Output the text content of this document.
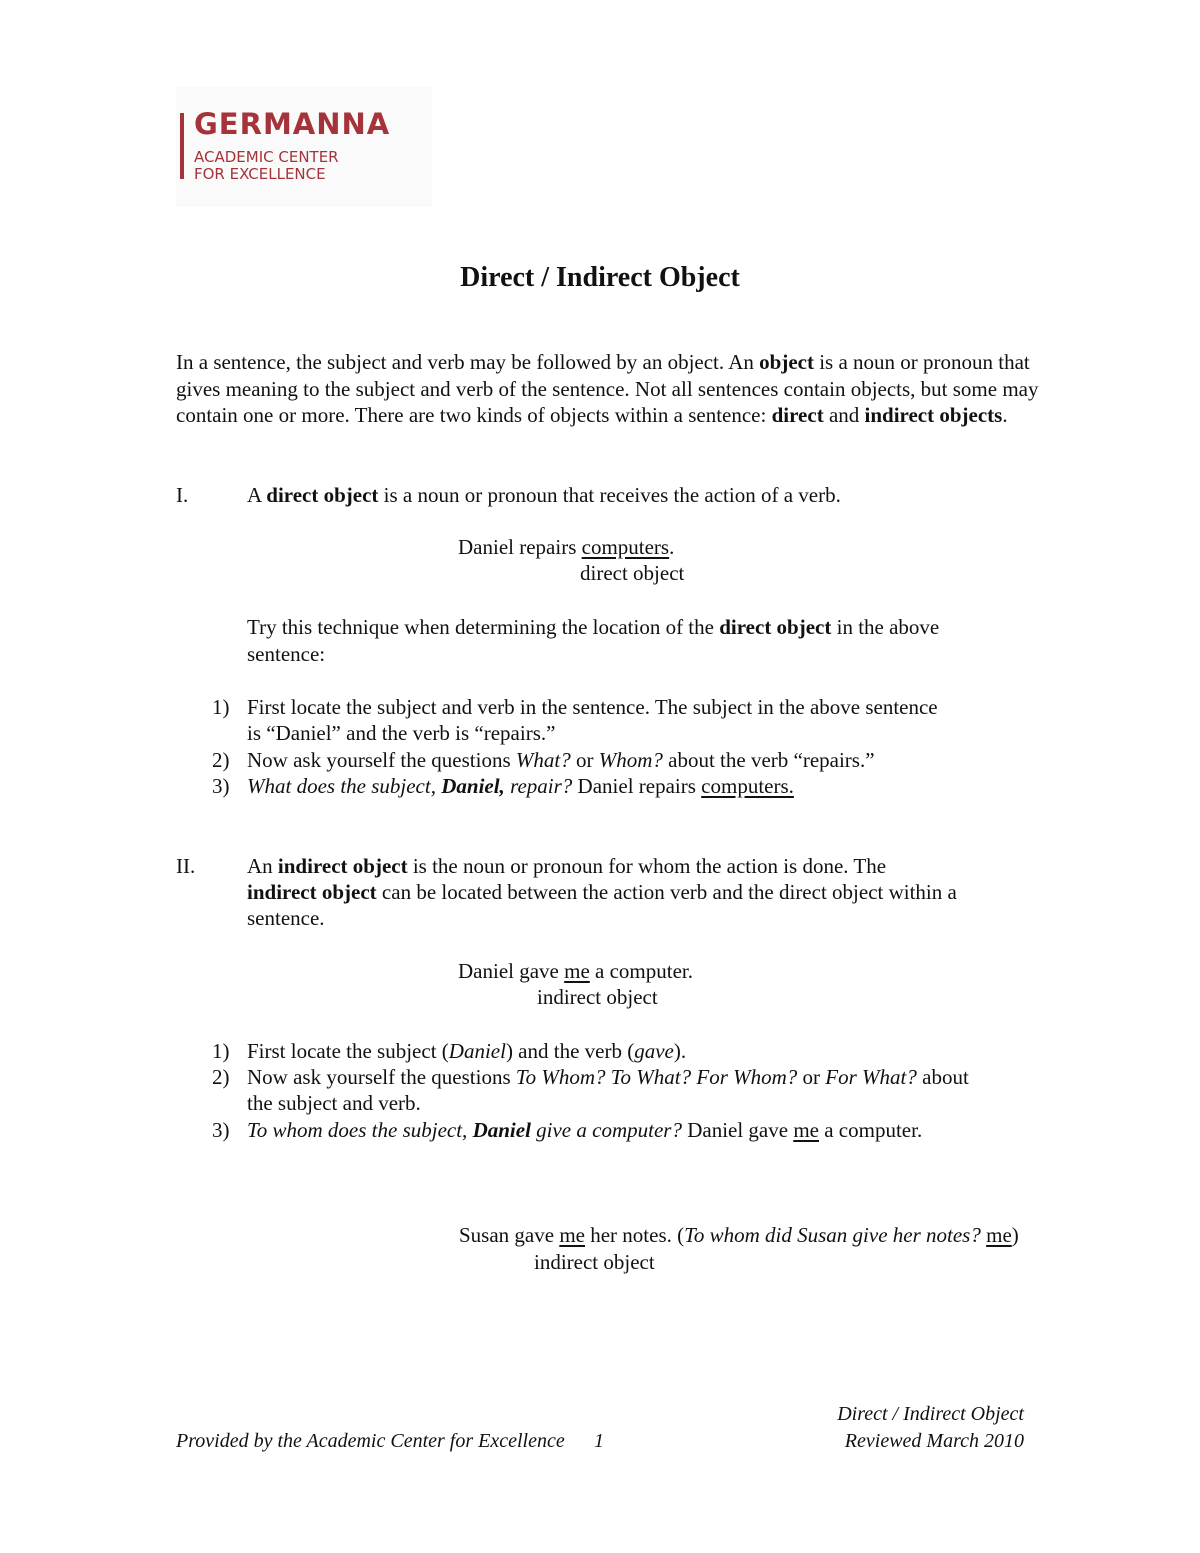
GERMANNA
ACADEMIC CENTER
FOR EXCELLENCE
Direct / Indirect Object
In a sentence, the subject and verb may be followed by an object. An object is a noun or pronoun that gives meaning to the subject and verb of the sentence. Not all sentences contain objects, but some may contain one or more. There are two kinds of objects within a sentence: direct and indirect objects.
I.	A direct object is a noun or pronoun that receives the action of a verb.
Daniel repairs computers.
direct object
Try this technique when determining the location of the direct object in the above
sentence:
1) First locate the subject and verb in the sentence. The subject in the above sentence
is “Daniel” and the verb is “repairs.”
2) Now ask yourself the questions What? or Whom? about the verb “repairs.”
3) What does the subject, Daniel, repair? Daniel repairs computers.
II. An indirect object is the noun or pronoun for whom the action is done. The
indirect object can be located between the action verb and the direct object within a
sentence.
Daniel gave me a computer.
indirect object
1) First locate the subject (Daniel) and the verb (gave).
2) Now ask yourself the questions To Whom? To What? For Whom? or For What? about
the subject and verb.
3) To whom does the subject, Daniel give a computer? Daniel gave me a computer.
Susan gave me her notes. (To whom did Susan give her notes? me)
indirect object
Provided by the Academic Center for Excellence 1
Direct / Indirect Object
Reviewed March 2010
